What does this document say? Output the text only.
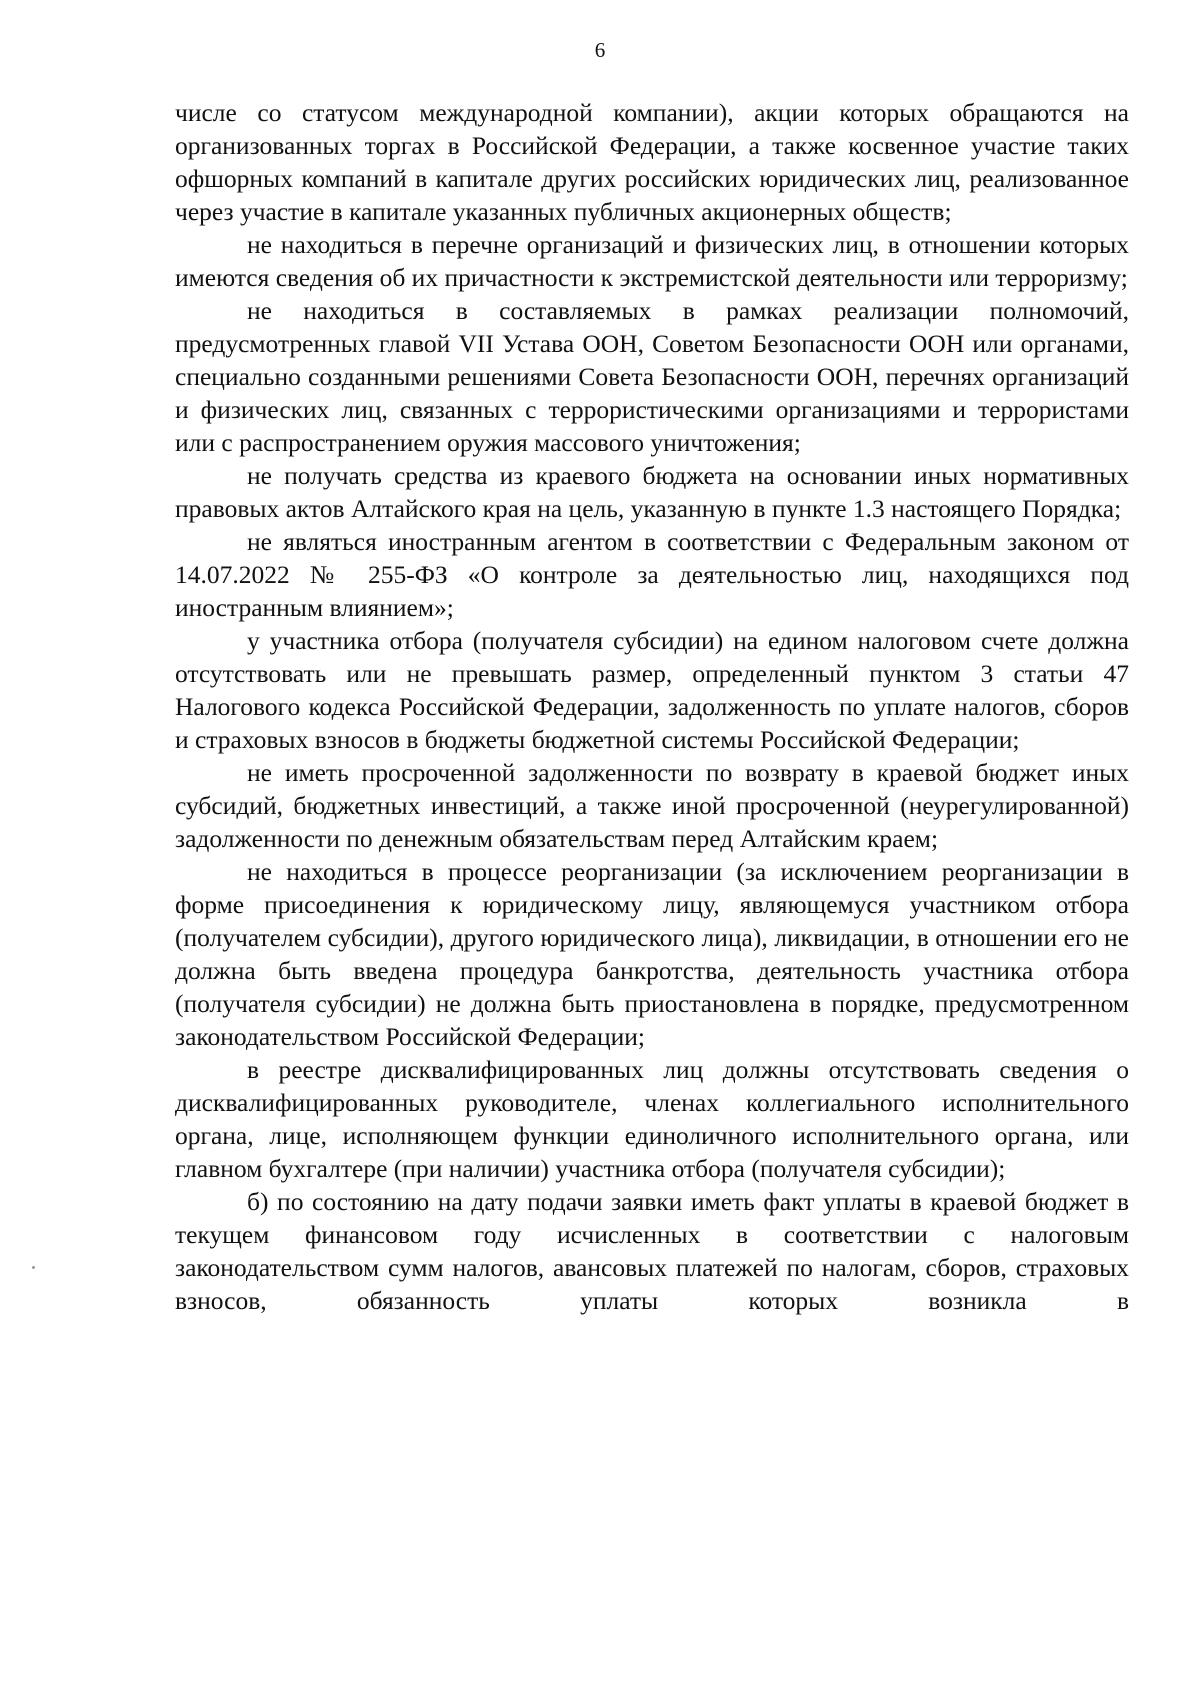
6

числе со статусом международной компании), акции которых обращаются на организованных торгах в Российской Федерации, а также косвенное участие таких офшорных компаний в капитале других российских юридических лиц, реализованное через участие в капитале указанных публичных акционерных обществ;

не находиться в перечне организаций и физических лиц, в отношении которых имеются сведения об их причастности к экстремистской деятельности или терроризму;

не находиться в составляемых в рамках реализации полномочий, предусмотренных главой VII Устава ООН, Советом Безопасности ООН или органами, специально созданными решениями Совета Безопасности ООН, перечнях организаций и физических лиц, связанных с террористическими организациями и террористами или с распространением оружия массового уничтожения;

не получать средства из краевого бюджета на основании иных нормативных правовых актов Алтайского края на цель, указанную в пункте 1.3 настоящего Порядка;

не являться иностранным агентом в соответствии с Федеральным законом от 14.07.2022 № 255-ФЗ «О контроле за деятельностью лиц, находящихся под иностранным влиянием»;

у участника отбора (получателя субсидии) на едином налоговом счете должна отсутствовать или не превышать размер, определенный пунктом 3 статьи 47 Налогового кодекса Российской Федерации, задолженность по уплате налогов, сборов и страховых взносов в бюджеты бюджетной системы Российской Федерации;

не иметь просроченной задолженности по возврату в краевой бюджет иных субсидий, бюджетных инвестиций, а также иной просроченной (неурегулированной) задолженности по денежным обязательствам перед Алтайским краем;

не находиться в процессе реорганизации (за исключением реорганизации в форме присоединения к юридическому лицу, являющемуся участником отбора (получателем субсидии), другого юридического лица), ликвидации, в отношении его не должна быть введена процедура банкротства, деятельность участника отбора (получателя субсидии) не должна быть приостановлена в порядке, предусмотренном законодательством Российской Федерации;

в реестре дисквалифицированных лиц должны отсутствовать сведения о дисквалифицированных руководителе, членах коллегиального исполнительного органа, лице, исполняющем функции единоличного исполнительного органа, или главном бухгалтере (при наличии) участника отбора (получателя субсидии);

б) по состоянию на дату подачи заявки иметь факт уплаты в краевой бюджет в текущем финансовом году исчисленных в соответствии с налоговым законодательством сумм налогов, авансовых платежей по налогам, сборов, страховых взносов, обязанность уплаты которых возникла в
